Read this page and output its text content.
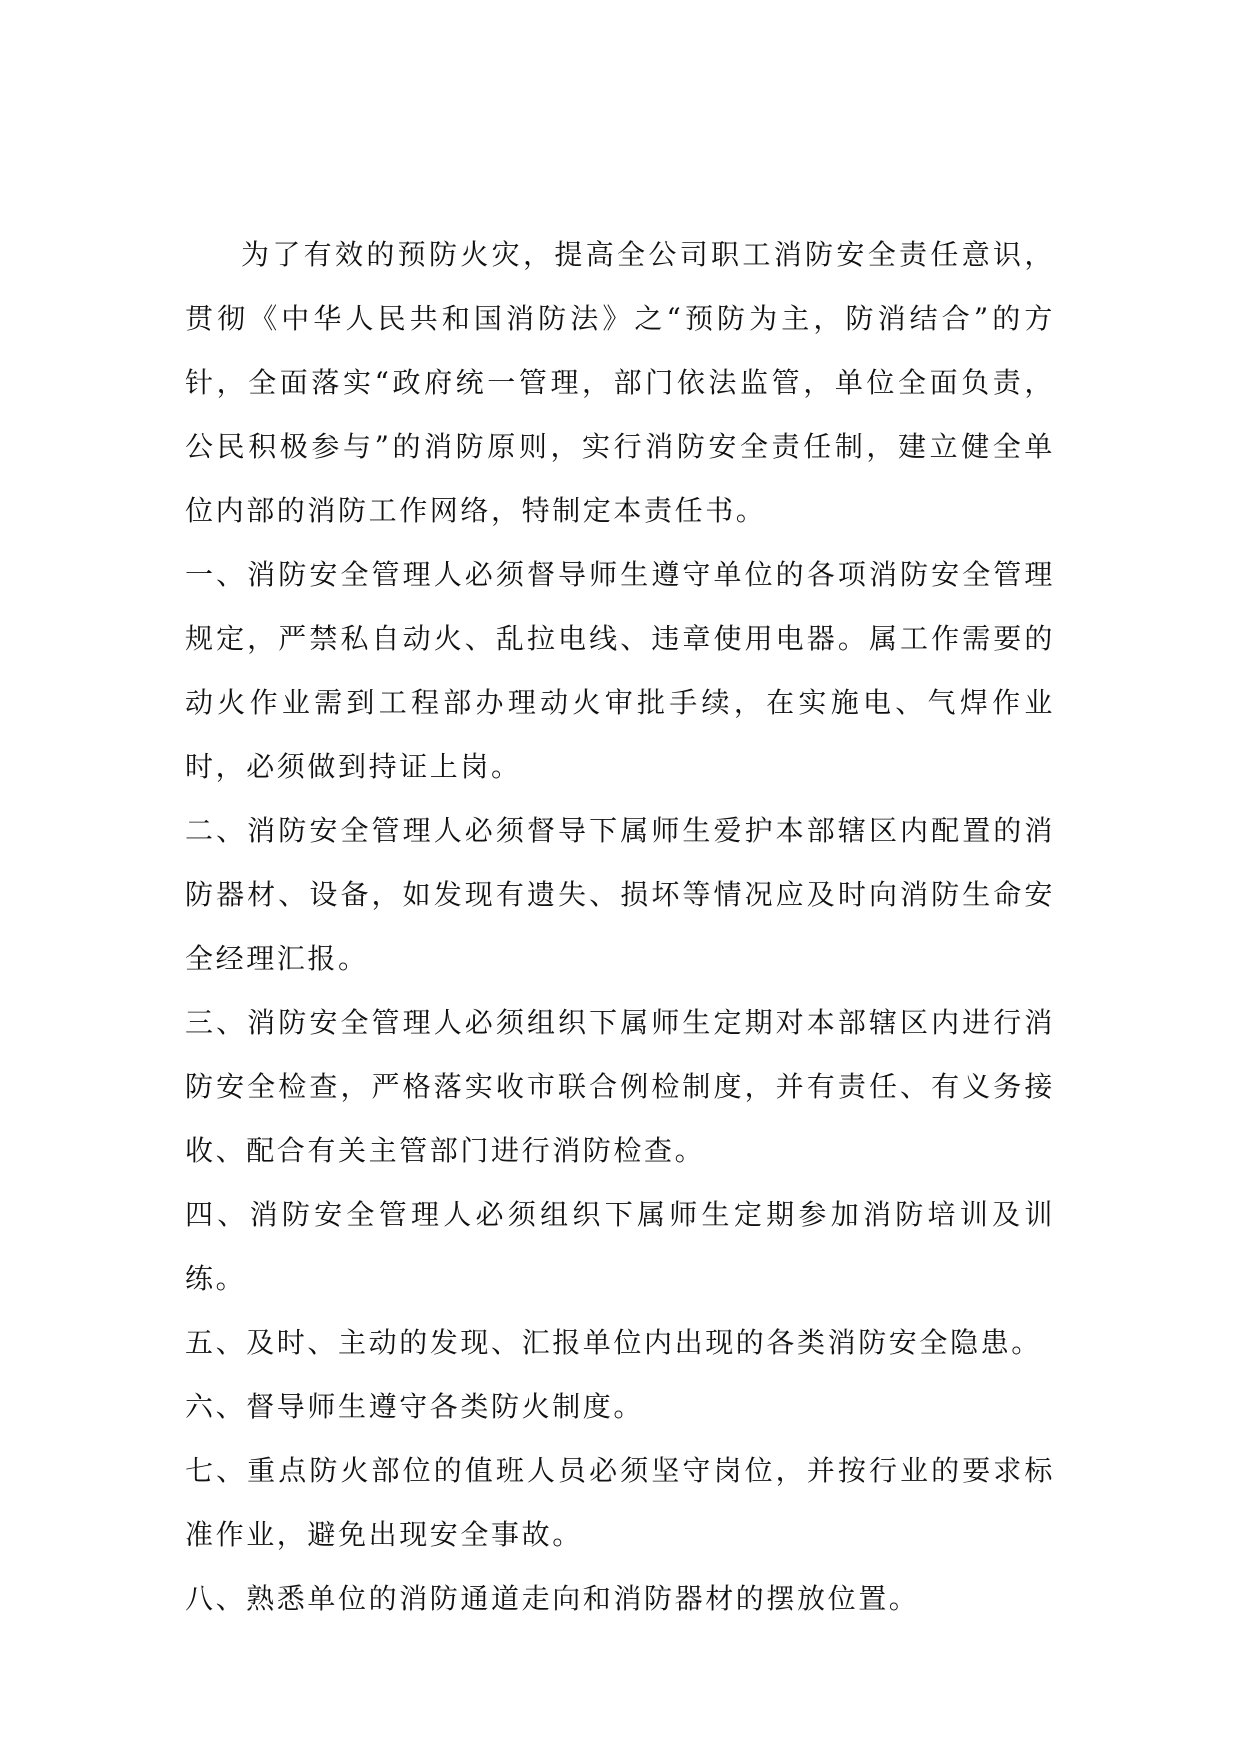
为了有效的预防火灾，提高全公司职工消防安全责任意识，贯彻《中华人民共和国消防法》之“预防为主，防消结合”的方针，全面落实“政府统一管理，部门依法监管，单位全面负责，公民积极参与”的消防原则，实行消防安全责任制，建立健全单位内部的消防工作网络，特制定本责任书。

一、消防安全管理人必须督导师生遵守单位的各项消防安全管理规定，严禁私自动火、乱拉电线、违章使用电器。属工作需要的动火作业需到工程部办理动火审批手续，在实施电、气焊作业时，必须做到持证上岗。

二、消防安全管理人必须督导下属师生爱护本部辖区内配置的消防器材、设备，如发现有遗失、损坏等情况应及时向消防生命安全经理汇报。

三、消防安全管理人必须组织下属师生定期对本部辖区内进行消防安全检查，严格落实收市联合例检制度，并有责任、有义务接收、配合有关主管部门进行消防检查。

四、消防安全管理人必须组织下属师生定期参加消防培训及训练。

五、及时、主动的发现、汇报单位内出现的各类消防安全隐患。

六、督导师生遵守各类防火制度。

七、重点防火部位的值班人员必须坚守岗位，并按行业的要求标准作业，避免出现安全事故。

八、熟悉单位的消防通道走向和消防器材的摆放位置。
